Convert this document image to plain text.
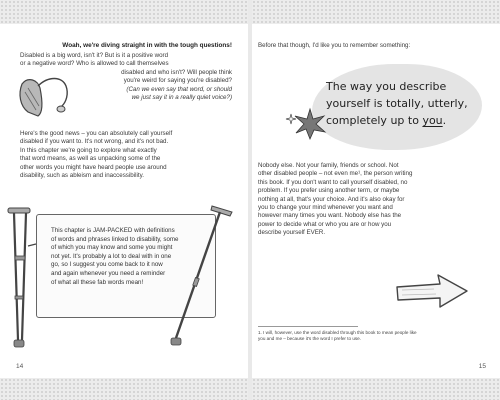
Woah, we're diving straight in with the tough questions!
Disabled is a big word, isn't it? But is it a positive word
or a negative word? Who is allowed to call themselves
disabled and who isn't? Will people think
you're weird for saying you're disabled?
(Can we even say that word, or should
we just say it in a really quiet voice?)
Here's the good news – you can absolutely call yourself
disabled if you want to. It's not wrong, and it's not bad.
In this chapter we're going to explore what exactly
that word means, as well as unpacking some of the
other words you might have heard people use around
disability, such as ableism and inaccessibility.
This chapter is JAM-PACKED with definitions
of words and phrases linked to disability, some
of which you may know and some you might
not yet. It's probably a lot to deal with in one
go, so I suggest you come back to it now
and again whenever you need a reminder
of what all these fab words mean!
14
Before that though, I'd like you to remember something:
The way you describe
yourself is totally, utterly,
completely up to you.
Nobody else. Not your family, friends or school. Not
other disabled people – not even me¹, the person writing
this book. If you don't want to call yourself disabled, no
problem. If you prefer using another term, or maybe
nothing at all, that's your choice. And it's also okay for
you to change your mind whenever you want and
however many times you want. Nobody else has the
power to decide what or who you are or how you
describe yourself EVER.
15
1. I will, however, use the word disabled through this book to mean people like
you and me – because it's the word I prefer to use.
